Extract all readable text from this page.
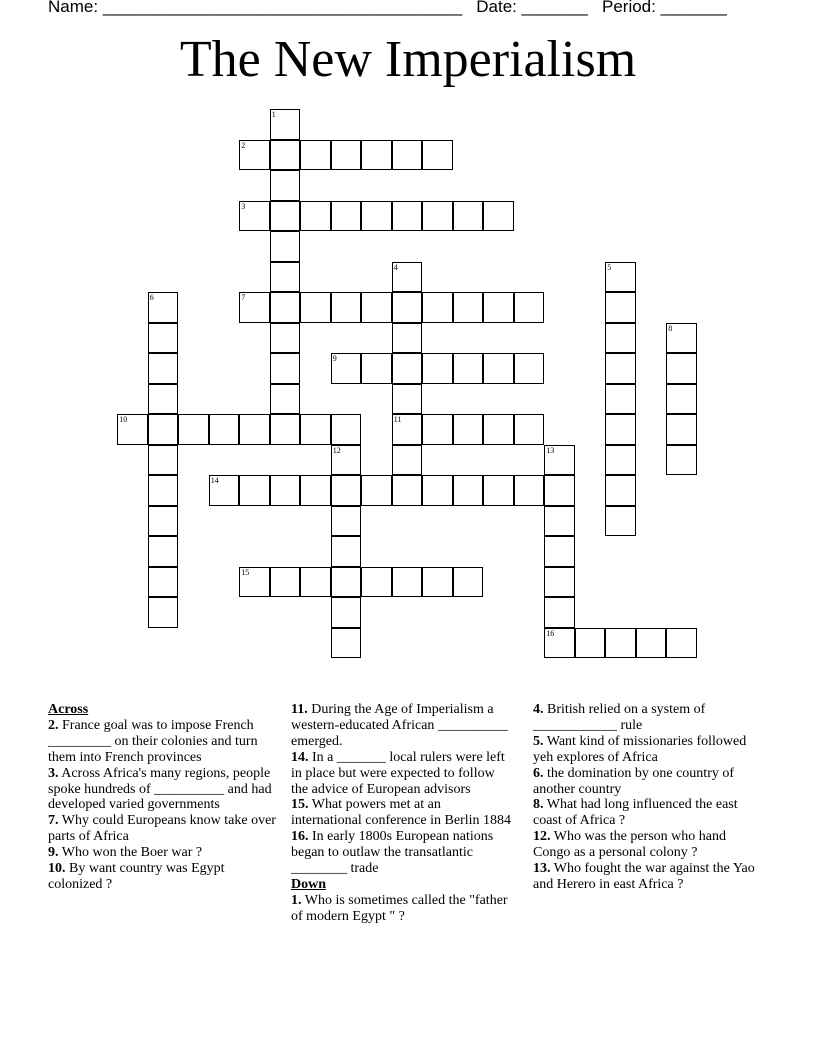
Name: ______________________________________ Date: _______ Period: _______
The New Imperialism
1
2
3
4
11
5
6	7
8
9
10
12	13
16
14
15
Across

2. France goal was to impose French _________ on their colonies and turn them into French provinces

3. Across Africa's many regions, people spoke hundreds of __________ and had developed varied governments

7. Why could Europeans know take over parts of Africa

9. Who won the Boer war ?

10. By want country was Egypt colonized ?

11. During the Age of Imperialism a western-educated African __________ emerged.

14. In a _______ local rulers were left in place but were expected to follow the advice of European advisors

15. What powers met at an international conference in Berlin 1884

16. In early 1800s European nations began to outlaw the transatlantic ________ trade

Down

1. Who is sometimes called the "father of modern Egypt " ?

4. British relied on a system of ____________ rule

5. Want kind of missionaries followed yeh explores of Africa

6. the domination by one country of another country

8. What had long influenced the east coast of Africa ?

12. Who was the person who hand Congo as a personal colony ?

13. Who fought the war against the Yao and Herero in east Africa ?
